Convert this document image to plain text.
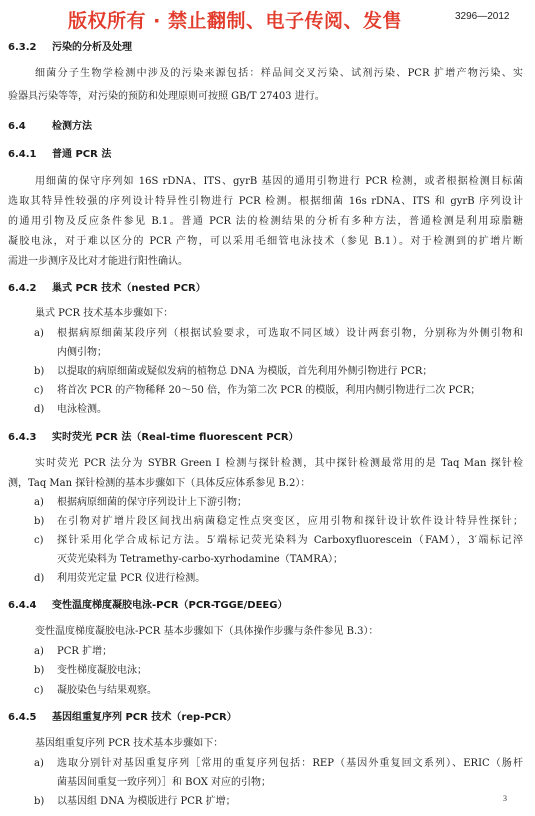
版权所有 · 禁止翻制、电子传阅、发售	3296—2012
6.3.2 污染的分析及处理
细菌分子生物学检测中涉及的污染来源包括：样品间交叉污染、试剂污染、PCR 扩增产物污染、实
验器具污染等等，对污染的预防和处理原则可按照 GB/T 27403 进行。
6.4	检测方法
6.4.1 普通 PCR 法
用细菌的保守序列如 16S rDNA、ITS、gyrB 基因的通用引物进行 PCR 检测，或者根据检测目标菌
选取其特异性较强的序列设计特异性引物进行 PCR 检测。根据细菌 16s rDNA、ITS 和 gyrB 序列设计
的通用引物及反应条件参见 B.1。普通 PCR 法的检测结果的分析有多种方法，普通检测是利用琼脂糖
凝胶电泳，对于难以区分的 PCR 产物，可以采用毛细管电泳技术（参见 B.1）。对于检测到的扩增片断
需进一步测序及比对才能进行阳性确认。
6.4.2 巢式 PCR 技术（nested PCR）
巢式 PCR 技术基本步骤如下：
a) 根据病原细菌某段序列（根据试验要求，可选取不同区域）设计两套引物，分别称为外侧引物和
内侧引物；
b) 以提取的病原细菌或疑似发病的植物总 DNA 为模版，首先利用外侧引物进行 PCR；
c) 将首次 PCR 的产物稀释 20～50 倍，作为第二次 PCR 的模版，利用内侧引物进行二次 PCR；
d) 电泳检测。
6.4.3 实时荧光 PCR 法（Real-time fluorescent PCR）
实时荧光 PCR 法分为 SYBR Green Ⅰ 检测与探针检测，其中探针检测最常用的是 Taq Man 探针检
测，Taq Man 探针检测的基本步骤如下（具体反应体系参见 B.2）：
a) 根据病原细菌的保守序列设计上下游引物；
b) 在引物对扩增片段区间找出病菌稳定性点突变区，应用引物和探针设计软件设计特异性探针；
c) 探针采用化学合成标记方法。5′端标记荧光染料为 Carboxyfluorescein（FAM），3′端标记淬
灭荧光染料为 Tetramethy-carbo-xyrhodamine（TAMRA）；
d) 利用荧光定量 PCR 仪进行检测。
6.4.4 变性温度梯度凝胶电泳-PCR（PCR-TGGE/DEEG）
变性温度梯度凝胶电泳-PCR 基本步骤如下（具体操作步骤与条件参见 B.3）：
a) PCR 扩增；
b) 变性梯度凝胶电泳；
c) 凝胶染色与结果观察。
6.4.5 基因组重复序列 PCR 技术（rep-PCR）
基因组重复序列 PCR 技术基本步骤如下：
a) 选取分别针对基因重复序列［常用的重复序列包括：REP（基因外重复回文系列）、ERIC（肠杆
菌基因间重复一致序列）］和 BOX 对应的引物；
b) 以基因组 DNA 为模版进行 PCR 扩增；	3
